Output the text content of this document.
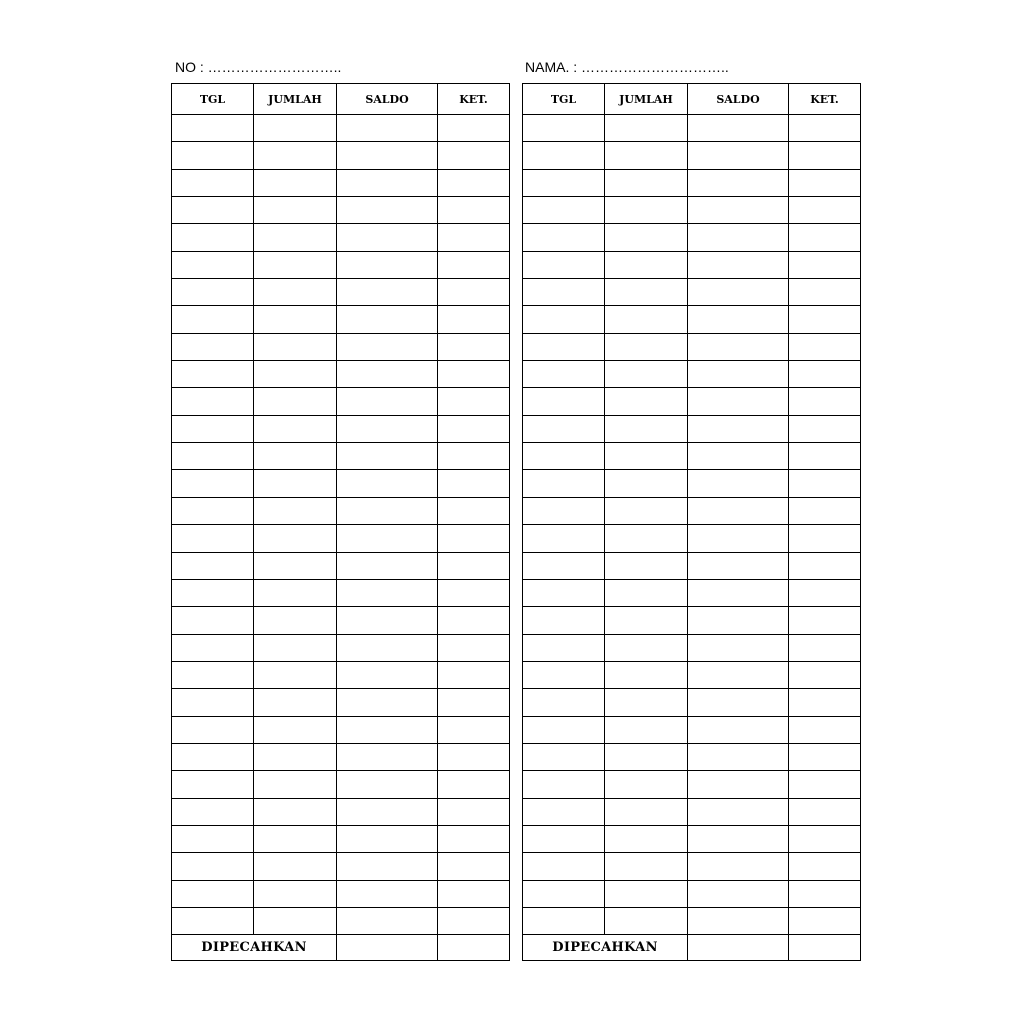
NO : ………………………..	NAMA. : …………………………..
TGL	JUMLAH	SALDO	KET.

DIPECAHKAN			
TGL	JUMLAH	SALDO	KET.

DIPECAHKAN			
